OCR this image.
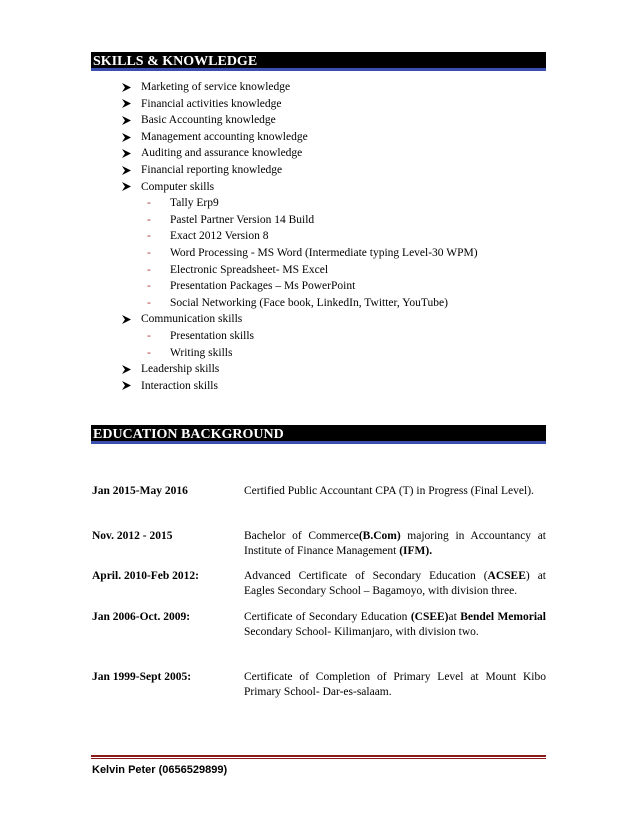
SKILLS & KNOWLEDGE
Marketing of service knowledge
Financial activities knowledge
Basic Accounting knowledge
Management accounting knowledge
Auditing and assurance knowledge
Financial reporting knowledge
Computer skills
-	Tally Erp9
-	Pastel Partner Version 14 Build
-	Exact 2012 Version 8
-	Word Processing - MS Word (Intermediate typing Level-30 WPM)
-	Electronic Spreadsheet- MS Excel
-	Presentation Packages – Ms PowerPoint
-	Social Networking (Face book, LinkedIn, Twitter, YouTube)
Communication skills
-	Presentation skills
-	Writing skills
Leadership skills
Interaction skills
EDUCATION BACKGROUND
Jan 2015-May 2016	Certified Public Accountant CPA (T) in Progress (Final Level).
Nov. 2012 - 2015	Bachelor of Commerce(B.Com) majoring in Accountancy at Institute of Finance Management (IFM).
April. 2010-Feb 2012:	Advanced Certificate of Secondary Education (ACSEE) at Eagles Secondary School – Bagamoyo, with division three.
Jan 2006-Oct. 2009:	Certificate of Secondary Education (CSEE)at Bendel Memorial Secondary School- Kilimanjaro, with division two.
Jan 1999-Sept 2005:	Certificate of Completion of Primary Level at Mount Kibo Primary School- Dar-es-salaam.
Kelvin Peter (0656529899)
